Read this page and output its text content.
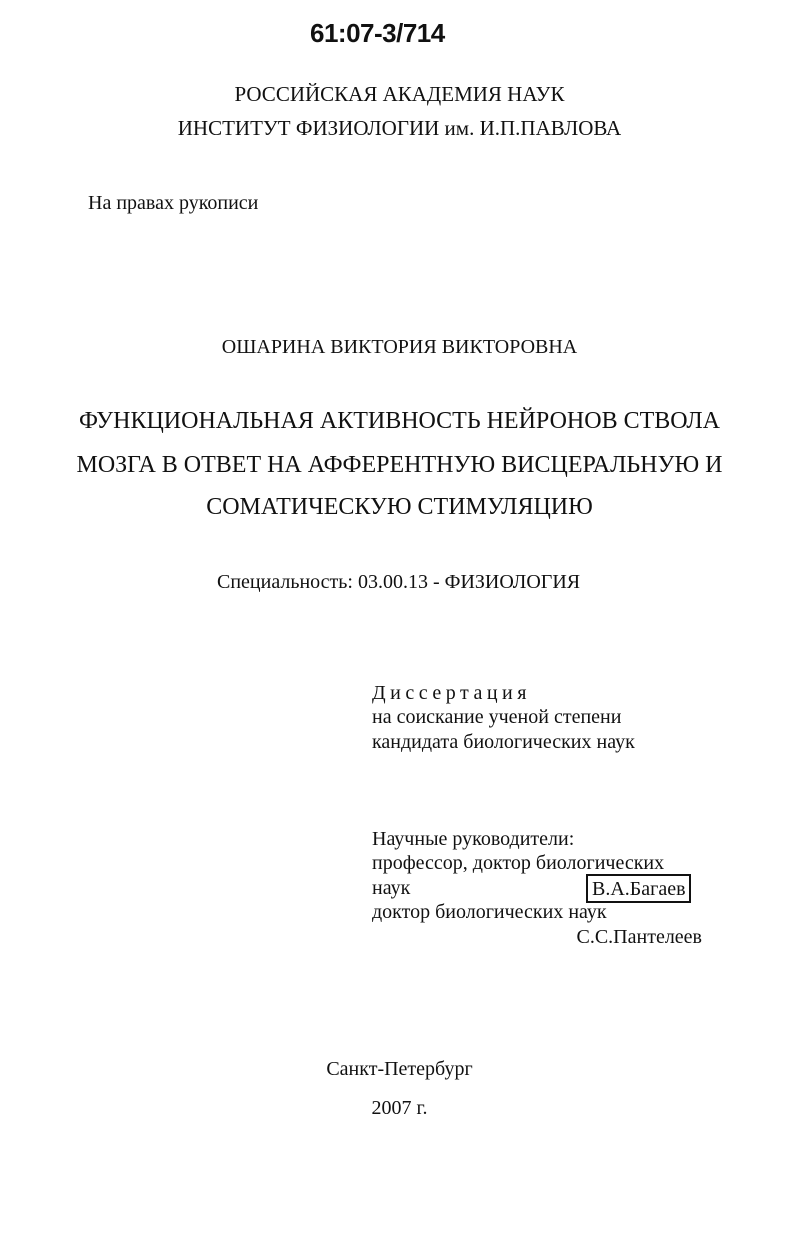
61:07-3/714
РОССИЙСКАЯ АКАДЕМИЯ НАУК
ИНСТИТУТ ФИЗИОЛОГИИ им. И.П.ПАВЛОВА
На правах рукописи
ОШАРИНА ВИКТОРИЯ ВИКТОРОВНА
ФУНКЦИОНАЛЬНАЯ АКТИВНОСТЬ НЕЙРОНОВ СТВОЛА
МОЗГА В ОТВЕТ НА АФФЕРЕНТНУЮ ВИСЦЕРАЛЬНУЮ И
СОМАТИЧЕСКУЮ СТИМУЛЯЦИЮ
Специальность: 03.00.13 - ФИЗИОЛОГИЯ
Диссертация
на соискание ученой степени
кандидата биологических наук
Научные руководители:
профессор, доктор биологических
наук	В.А.Багаев
доктор биологических наук
С.С.Пантелеев
Санкт-Петербург
2007 г.
